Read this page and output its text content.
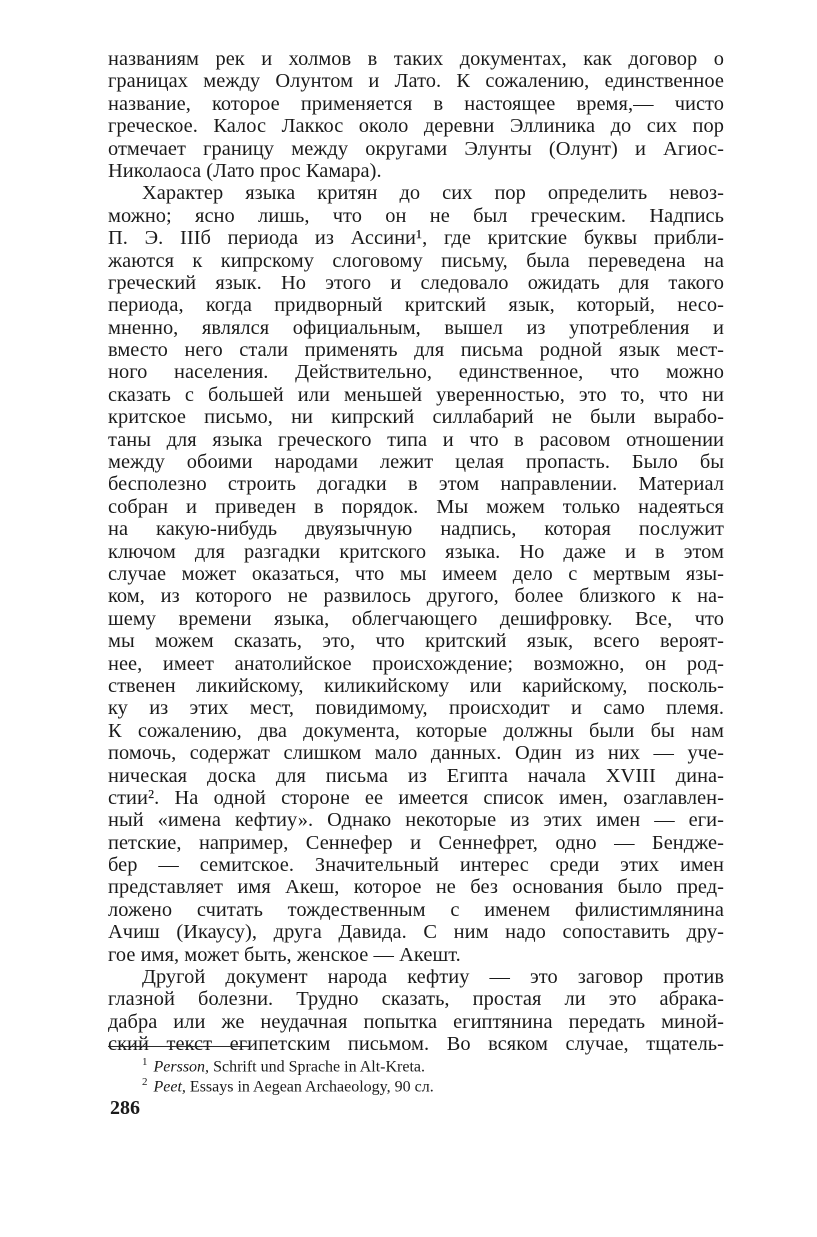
названиям рек и холмов в таких документах, как договор о
границах между Олунтом и Лато. К сожалению, единственное
название, которое применяется в настоящее время,— чисто
греческое. Калос Лаккос около деревни Эллиника до сих пор
отмечает границу между округами Элунты (Олунт) и Агиос-
Николаоса (Лато прос Камара).
Характер языка критян до сих пор определить невоз-
можно; ясно лишь, что он не был греческим. Надпись
П. Э. IIIб периода из Ассини¹, где критские буквы прибли-
жаются к кипрскому слоговому письму, была переведена на
греческий язык. Но этого и следовало ожидать для такого
периода, когда придворный критский язык, который, несо-
мненно, являлся официальным, вышел из употребления и
вместо него стали применять для письма родной язык мест-
ного населения. Действительно, единственное, что можно
сказать с большей или меньшей уверенностью, это то, что ни
критское письмо, ни кипрский силлабарий не были вырабо-
таны для языка греческого типа и что в расовом отношении
между обоими народами лежит целая пропасть. Было бы
бесполезно строить догадки в этом направлении. Материал
собран и приведен в порядок. Мы можем только надеяться
на какую-нибудь двуязычную надпись, которая послужит
ключом для разгадки критского языка. Но даже и в этом
случае может оказаться, что мы имеем дело с мертвым язы-
ком, из которого не развилось другого, более близкого к на-
шему времени языка, облегчающего дешифровку. Все, что
мы можем сказать, это, что критский язык, всего вероят-
нее, имеет анатолийское происхождение; возможно, он род-
ственен ликийскому, киликийскому или карийскому, посколь-
ку из этих мест, повидимому, происходит и само племя.
К сожалению, два документа, которые должны были бы нам
помочь, содержат слишком мало данных. Один из них — уче-
ническая доска для письма из Египта начала XVIII дина-
стии². На одной стороне ее имеется список имен, озаглавлен-
ный «имена кефтиу». Однако некоторые из этих имен — еги-
петские, например, Сеннефер и Сеннефрет, одно — Бендже-
бер — семитское. Значительный интерес среди этих имен
представляет имя Акеш, которое не без основания было пред-
ложено считать тождественным с именем филистимлянина
Ачиш (Икаусу), друга Давида. С ним надо сопоставить дру-
гое имя, может быть, женское — Акешт.
Другой документ народа кефтиу — это заговор против
глазной болезни. Трудно сказать, простая ли это абрака-
дабра или же неудачная попытка египтянина передать миной-
ский текст египетским письмом. Во всяком случае, тщатель-
$^1$ Persson, Schrift und Sprache in Alt-Kreta.
$^2$ Peet, Essays in Aegean Archaeology, 90 сл.
286
